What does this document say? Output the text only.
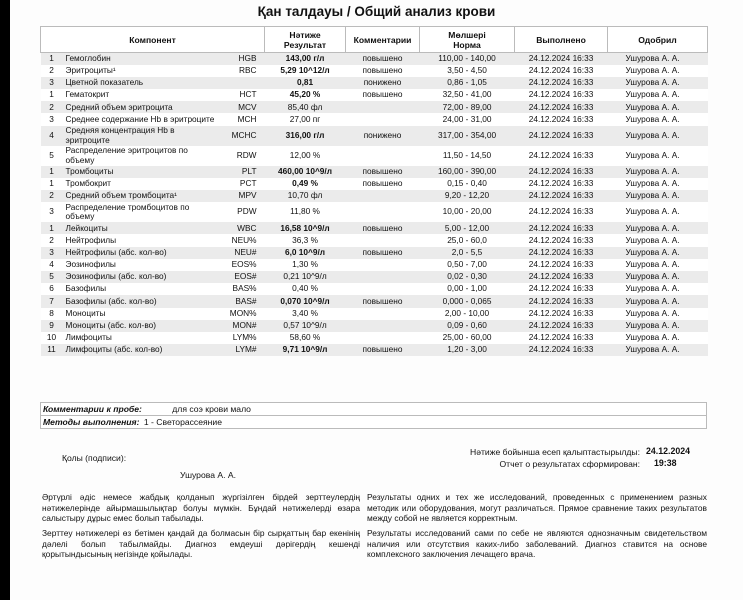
Қан талдауы / Общий анализ крови
Компонент			Нәтиже
Результат	Комментарии	Мөлшері
Норма	Выполнено	Одобрил
1	Гемоглобин	HGB	143,00 г/л	повышено	110,00 - 140,00	24.12.2024 16:33	Ушурова А. А.
2	Эритроциты¹	RBC	5,29 10^12/л	повышено	3,50 - 4,50	24.12.2024 16:33	Ушурова А. А.
3	Цветной показатель		0,81	понижено	0,86 - 1,05	24.12.2024 16:33	Ушурова А. А.
1	Гематокрит	HCT	45,20 %	повышено	32,50 - 41,00	24.12.2024 16:33	Ушурова А. А.
2	Средний объем эритроцита	MCV	85,40 фл		72,00 - 89,00	24.12.2024 16:33	Ушурова А. А.
3	Среднее содержание Hb в эритроците	MCH	27,00 пг		24,00 - 31,00	24.12.2024 16:33	Ушурова А. А.
4	Средняя концентрация Hb в эритроците	MCHC	316,00 г/л	понижено	317,00 - 354,00	24.12.2024 16:33	Ушурова А. А.
5	Распределение эритроцитов по объему	RDW	12,00 %		11,50 - 14,50	24.12.2024 16:33	Ушурова А. А.
1	Тромбоциты	PLT	460,00 10^9/л	повышено	160,00 - 390,00	24.12.2024 16:33	Ушурова А. А.
1	Тромбокрит	PCT	0,49 %	повышено	0,15 - 0,40	24.12.2024 16:33	Ушурова А. А.
2	Средний объем тромбоцита¹	MPV	10,70 фл		9,20 - 12,20	24.12.2024 16:33	Ушурова А. А.
3	Распределение тромбоцитов по объему	PDW	11,80 %		10,00 - 20,00	24.12.2024 16:33	Ушурова А. А.
1	Лейкоциты	WBC	16,58 10^9/л	повышено	5,00 - 12,00	24.12.2024 16:33	Ушурова А. А.
2	Нейтрофилы	NEU%	36,3 %		25,0 - 60,0	24.12.2024 16:33	Ушурова А. А.
3	Нейтрофилы (абс. кол-во)	NEU#	6,0 10^9/л	повышено	2,0 - 5,5	24.12.2024 16:33	Ушурова А. А.
4	Эозинофилы	EOS%	1,30 %		0,50 - 7,00	24.12.2024 16:33	Ушурова А. А.
5	Эозинофилы (абс. кол-во)	EOS#	0,21 10^9/л		0,02 - 0,30	24.12.2024 16:33	Ушурова А. А.
6	Базофилы	BAS%	0,40 %		0,00 - 1,00	24.12.2024 16:33	Ушурова А. А.
7	Базофилы (абс. кол-во)	BAS#	0,070 10^9/л	повышено	0,000 - 0,065	24.12.2024 16:33	Ушурова А. А.
8	Моноциты	MON%	3,40 %		2,00 - 10,00	24.12.2024 16:33	Ушурова А. А.
9	Моноциты (абс. кол-во)	MON#	0,57 10^9/л		0,09 - 0,60	24.12.2024 16:33	Ушурова А. А.
10	Лимфоциты	LYM%	58,60 %		25,00 - 60,00	24.12.2024 16:33	Ушурова А. А.
11	Лимфоциты (абс. кол-во)	LYM#	9,71 10^9/л	повышено	1,20 - 3,00	24.12.2024 16:33	Ушурова А. А.
Комментарии к пробе:	для соэ крови мало
Методы выполнения: 1 - Светорассеяние
Қолы (подписи):
Ушурова А. А.
Нәтиже бойынша есеп қалыптастырылды:
Отчет о результатах сформирован:
24.12.2024
19:38
Әртүрлі әдіс немесе жабдық қолданып жүргізілген бірдей зерттеулердің нәтижелерінде айырмашылықтар болуы мүмкін. Бұндай нәтижелерді өзара салыстыру дұрыс емес болып табылады.
Зерттеу нәтижелері өз бетімен қандай да болмасын бір сырқаттың бар екенінің дәлелі болып табылмайды. Диагноз емдеуші дәрігердің кешенді қорытындысының негізінде қойылады.
Результаты одних и тех же исследований, проведенных с применением разных методик или оборудования, могут различаться. Прямое сравнение таких результатов между собой не является корректным.
Результаты исследований сами по себе не являются однозначным свидетельством наличия или отсутствия каких-либо заболеваний. Диагноз ставится на основе комплексного заключения лечащего врача.
